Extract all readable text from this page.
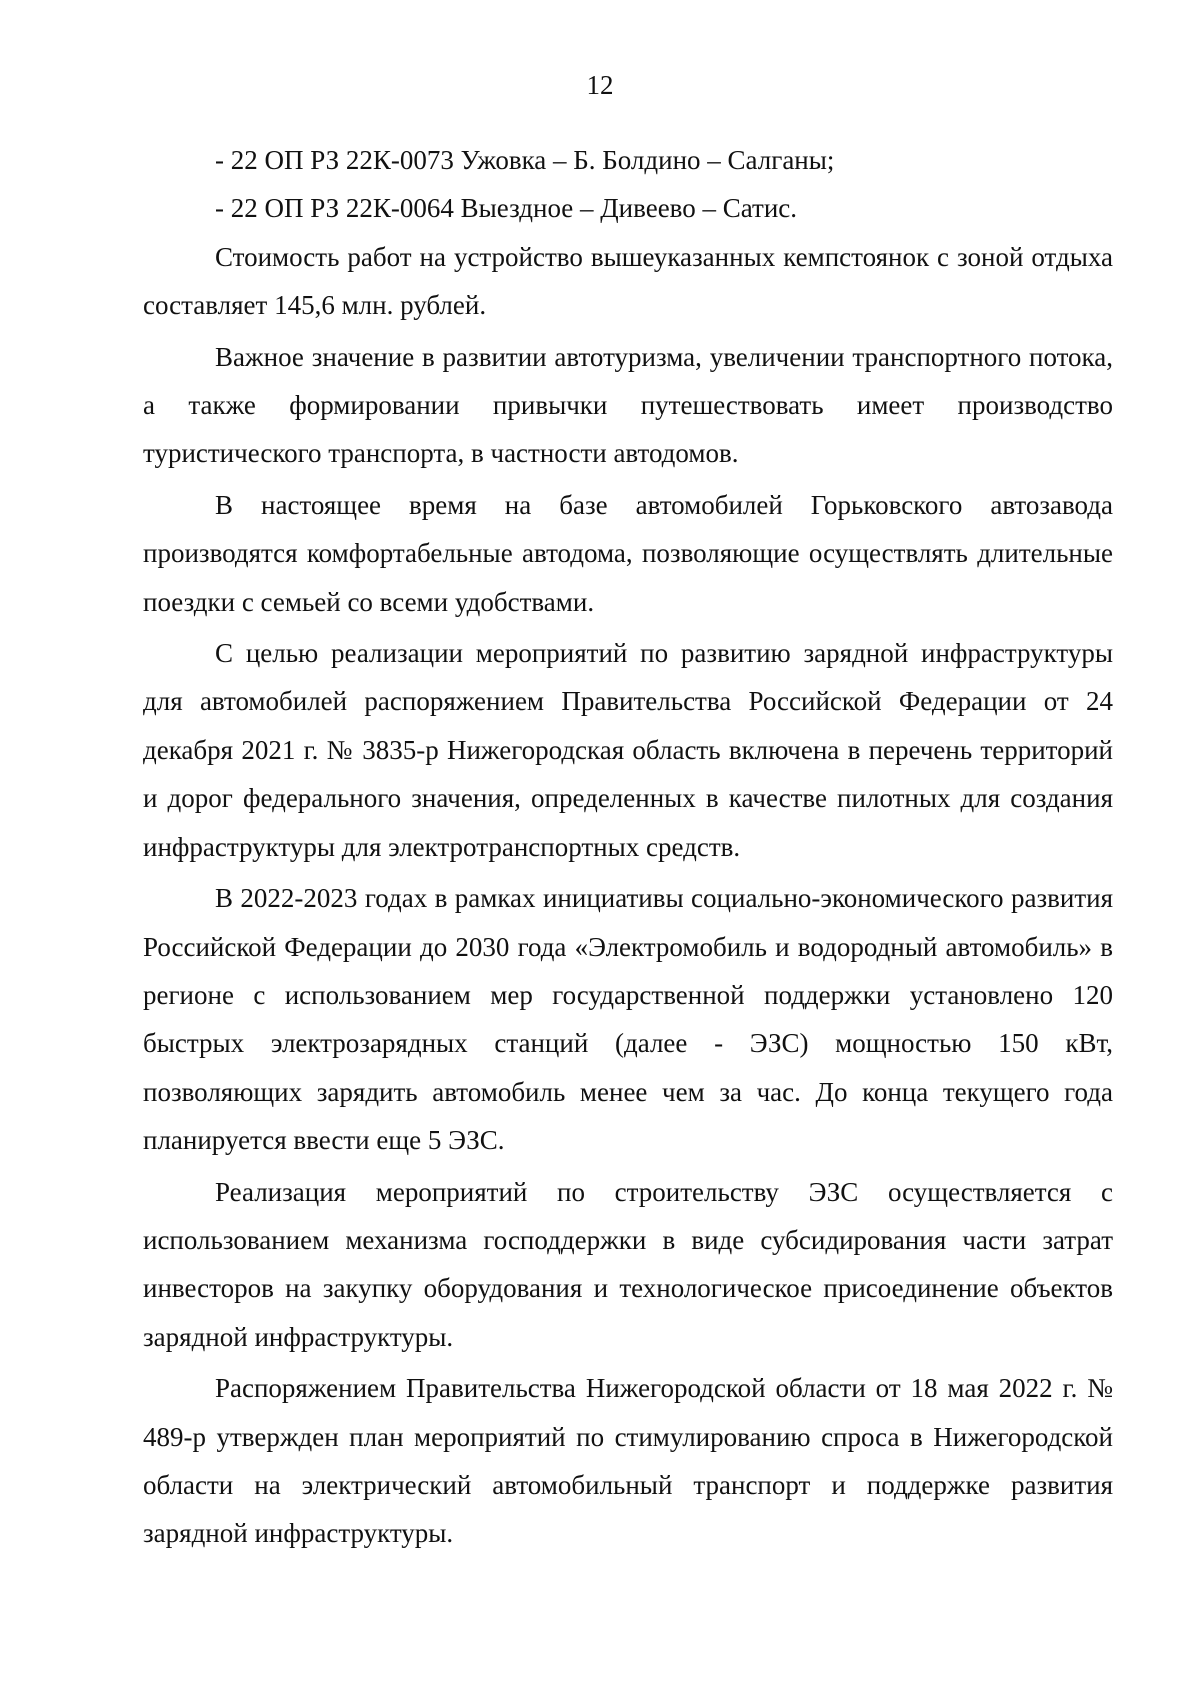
12

- 22 ОП РЗ 22К-0073 Ужовка – Б. Болдино – Салганы;

- 22 ОП РЗ 22К-0064 Выездное – Дивеево – Сатис.

Стоимость работ на устройство вышеуказанных кемпстоянок с зоной отдыха составляет 145,6 млн. рублей.

Важное значение в развитии автотуризма, увеличении транспортного потока, а также формировании привычки путешествовать имеет производство туристического транспорта, в частности автодомов.

В настоящее время на базе автомобилей Горьковского автозавода производятся комфортабельные автодома, позволяющие осуществлять длительные поездки с семьей со всеми удобствами.

С целью реализации мероприятий по развитию зарядной инфраструктуры для автомобилей распоряжением Правительства Российской Федерации от 24 декабря 2021 г. № 3835-р Нижегородская область включена в перечень территорий и дорог федерального значения, определенных в качестве пилотных для создания инфраструктуры для электротранспортных средств.

В 2022-2023 годах в рамках инициативы социально-экономического развития Российской Федерации до 2030 года «Электромобиль и водородный автомобиль» в регионе с использованием мер государственной поддержки установлено 120 быстрых электрозарядных станций (далее - ЭЗС) мощностью 150 кВт, позволяющих зарядить автомобиль менее чем за час. До конца текущего года планируется ввести еще 5 ЭЗС.

Реализация мероприятий по строительству ЭЗС осуществляется с использованием механизма господдержки в виде субсидирования части затрат инвесторов на закупку оборудования и технологическое присоединение объектов зарядной инфраструктуры.

Распоряжением Правительства Нижегородской области от 18 мая 2022 г. № 489-р утвержден план мероприятий по стимулированию спроса в Нижегородской области на электрический автомобильный транспорт и поддержке развития зарядной инфраструктуры.
